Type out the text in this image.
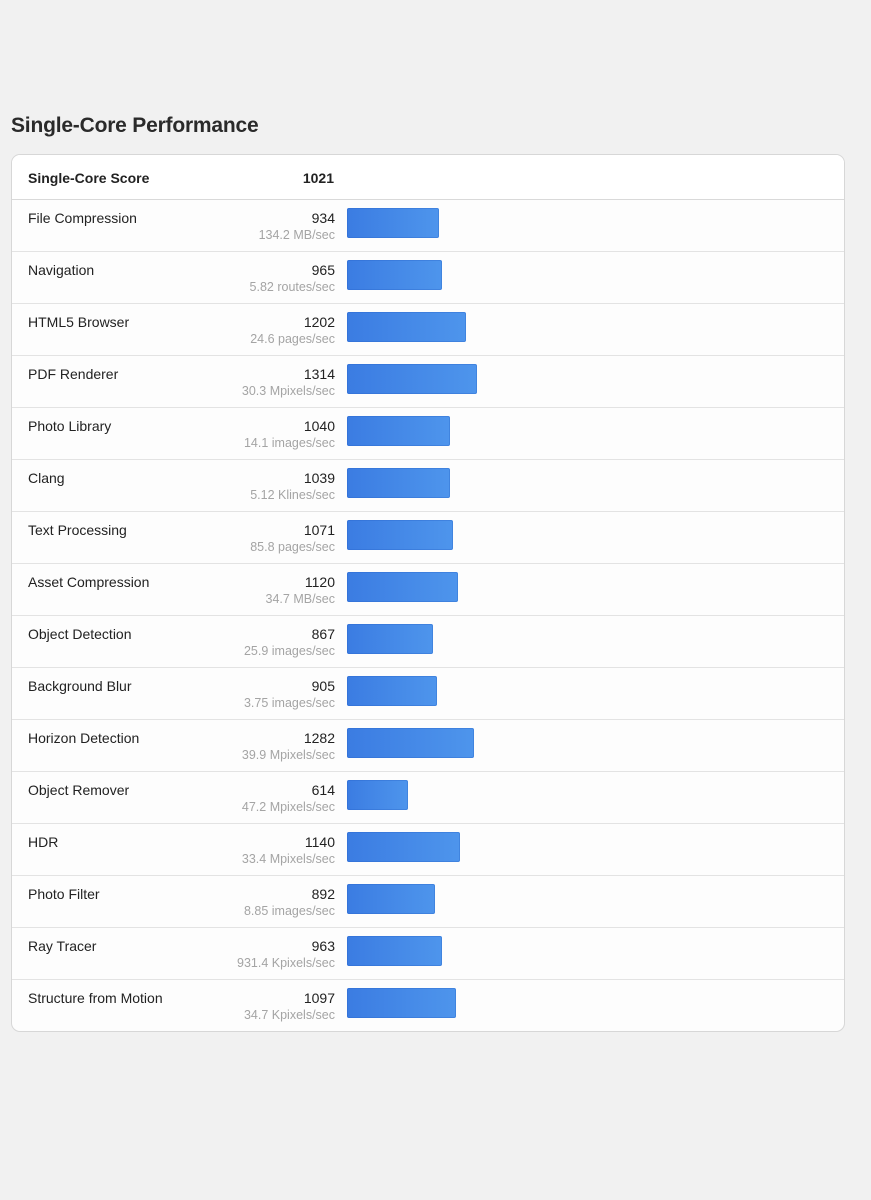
Single-Core Performance
Single-Core Score	1021
File Compression	934
134.2 MB/sec
Navigation	965
5.82 routes/sec
HTML5 Browser	1202
24.6 pages/sec
PDF Renderer	1314
30.3 Mpixels/sec
Photo Library	1040
14.1 images/sec
Clang	1039
5.12 Klines/sec
Text Processing	1071
85.8 pages/sec
Asset Compression	1120
34.7 MB/sec
Object Detection	867
25.9 images/sec
Background Blur	905
3.75 images/sec
Horizon Detection	1282
39.9 Mpixels/sec
Object Remover	614
47.2 Mpixels/sec
HDR	1140
33.4 Mpixels/sec
Photo Filter	892
8.85 images/sec
Ray Tracer	963
931.4 Kpixels/sec
Structure from Motion	1097
34.7 Kpixels/sec
